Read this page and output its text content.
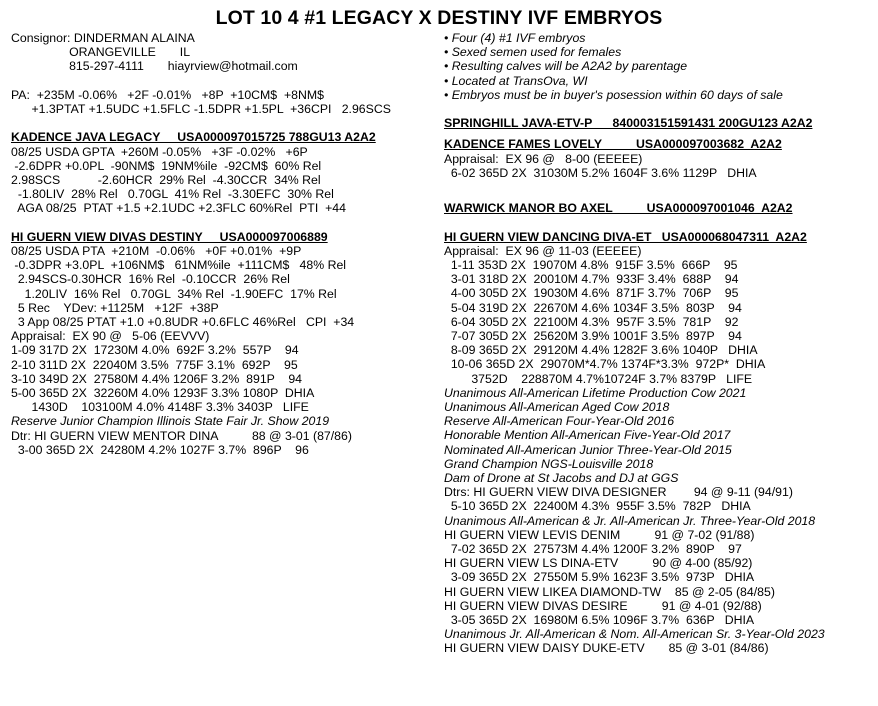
LOT 10 4 #1 LEGACY X DESTINY IVF EMBRYOS
Consignor: DINDERMAN ALAINA
ORANGEVILLE       IL
815-297-4111       hiayrview@hotmail.com
PA:  +235M -0.06%   +2F -0.01%   +8P  +10CM$  +8NM$
+1.3PTAT +1.5UDC +1.5FLC -1.5DPR +1.5PL  +36CPI   2.96SCS
KADENCE JAVA LEGACY     USA000097015725 788GU13 A2A2
08/25 USDA GPTA  +260M -0.05%   +3F -0.02%   +6P
-2.6DPR +0.0PL  -90NM$  19NM%ile  -92CM$  60% Rel
2.98SCS           -2.60HCR  29% Rel  -4.30CCR  34% Rel
-1.80LIV  28% Rel   0.70GL  41% Rel  -3.30EFC  30% Rel
AGA 08/25  PTAT +1.5 +2.1UDC +2.3FLC 60%Rel  PTI  +44
HI GUERN VIEW DIVAS DESTINY     USA000097006889
08/25 USDA PTA  +210M  -0.06%   +0F +0.01%  +9P
-0.3DPR +3.0PL  +106NM$   61NM%ile  +111CM$   48% Rel
2.94SCS-0.30HCR  16% Rel  -0.10CCR  26% Rel
1.20LIV  16% Rel   0.70GL  34% Rel  -1.90EFC  17% Rel
5 Rec    YDev: +1125M   +12F  +38P
3 App 08/25 PTAT +1.0 +0.8UDR +0.6FLC 46%Rel   CPI  +34
Appraisal:  EX 90 @   5-06 (EEVVV)
1-09 317D 2X  17230M 4.0%  692F 3.2%  557P    94
2-10 311D 2X  22040M 3.5%  775F 3.1%  692P    95
3-10 349D 2X  27580M 4.4% 1206F 3.2%  891P    94
5-00 365D 2X  32260M 4.0% 1293F 3.3% 1080P  DHIA
1430D    103100M 4.0% 4148F 3.3% 3403P   LIFE
Reserve Junior Champion Illinois State Fair Jr. Show 2019
Dtr: HI GUERN VIEW MENTOR DINA          88 @ 3-01 (87/86)
3-00 365D 2X  24280M 4.2% 1027F 3.7%  896P    96
• Four (4) #1 IVF embryos
• Sexed semen used for females
• Resulting calves will be A2A2 by parentage
• Located at TransOva, WI
• Embryos must be in buyer's posession within 60 days of sale
SPRINGHILL JAVA-ETV-P      840003151591431 200GU123 A2A2
KADENCE FAMES LOVELY          USA000097003682  A2A2
Appraisal:  EX 96 @   8-00 (EEEEE)
6-02 365D 2X  31030M 5.2% 1604F 3.6% 1129P   DHIA
WARWICK MANOR BO AXEL          USA000097001046  A2A2
HI GUERN VIEW DANCING DIVA-ET   USA000068047311  A2A2
Appraisal:  EX 96 @ 11-03 (EEEEE)
1-11 353D 2X  19070M 4.8%  915F 3.5%  666P    95
3-01 318D 2X  20010M 4.7%  933F 3.4%  688P    94
4-00 305D 2X  19030M 4.6%  871F 3.7%  706P    95
5-04 319D 2X  22670M 4.6% 1034F 3.5%  803P    94
6-04 305D 2X  22100M 4.3%  957F 3.5%  781P    92
7-07 305D 2X  25620M 3.9% 1001F 3.5%  897P    94
8-09 365D 2X  29120M 4.4% 1282F 3.6% 1040P   DHIA
10-06 365D 2X  29070M*4.7% 1374F*3.3%  972P*  DHIA
3752D    228870M 4.7%10724F 3.7% 8379P   LIFE
Unanimous All-American Lifetime Production Cow 2021
Unanimous All-American Aged Cow 2018
Reserve All-American Four-Year-Old 2016
Honorable Mention All-American Five-Year-Old 2017
Nominated All-American Junior Three-Year-Old 2015
Grand Champion NGS-Louisville 2018
Dam of Drone at St Jacobs and DJ at GGS
Dtrs: HI GUERN VIEW DIVA DESIGNER        94 @ 9-11 (94/91)
5-10 365D 2X  22400M 4.3%  955F 3.5%  782P   DHIA
Unanimous All-American & Jr. All-American Jr. Three-Year-Old 2018
HI GUERN VIEW LEVIS DENIM          91 @ 7-02 (91/88)
7-02 365D 2X  27573M 4.4% 1200F 3.2%  890P    97
HI GUERN VIEW LS DINA-ETV          90 @ 4-00 (85/92)
3-09 365D 2X  27550M 5.9% 1623F 3.5%  973P   DHIA
HI GUERN VIEW LIKEA DIAMOND-TW    85 @ 2-05 (84/85)
HI GUERN VIEW DIVAS DESIRE          91 @ 4-01 (92/88)
3-05 365D 2X  16980M 6.5% 1096F 3.7%  636P   DHIA
Unanimous Jr. All-American & Nom. All-American Sr. 3-Year-Old 2023
HI GUERN VIEW DAISY DUKE-ETV       85 @ 3-01 (84/86)
